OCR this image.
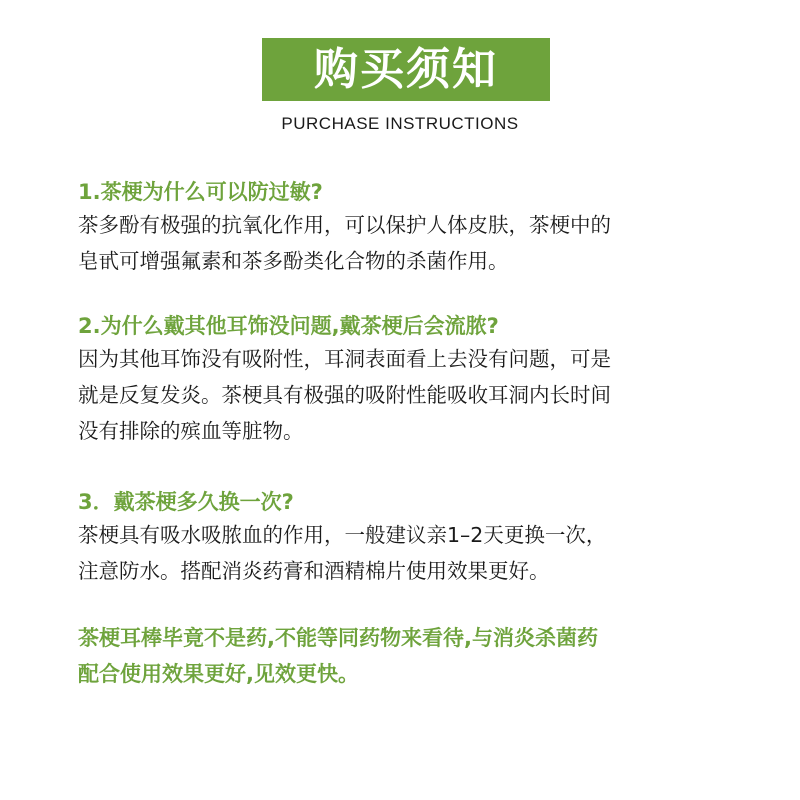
购买须知
PURCHASE INSTRUCTIONS

1.茶梗为什么可以防过敏?

茶多酚有极强的抗氧化作用，可以保护人体皮肤，茶梗中的
皂甙可增强氟素和茶多酚类化合物的杀菌作用。

2.为什么戴其他耳饰没问题,戴茶梗后会流脓?

因为其他耳饰没有吸附性，耳洞表面看上去没有问题，可是
就是反复发炎。茶梗具有极强的吸附性能吸收耳洞内长时间
没有排除的殡血等脏物。

3．戴茶梗多久换一次?

茶梗具有吸水吸脓血的作用，一般建议亲1–2天更换一次，
注意防水。搭配消炎药膏和酒精棉片使用效果更好。

茶梗耳棒毕竟不是药,不能等同药物来看待,与消炎杀菌药
配合使用效果更好,见效更快。
